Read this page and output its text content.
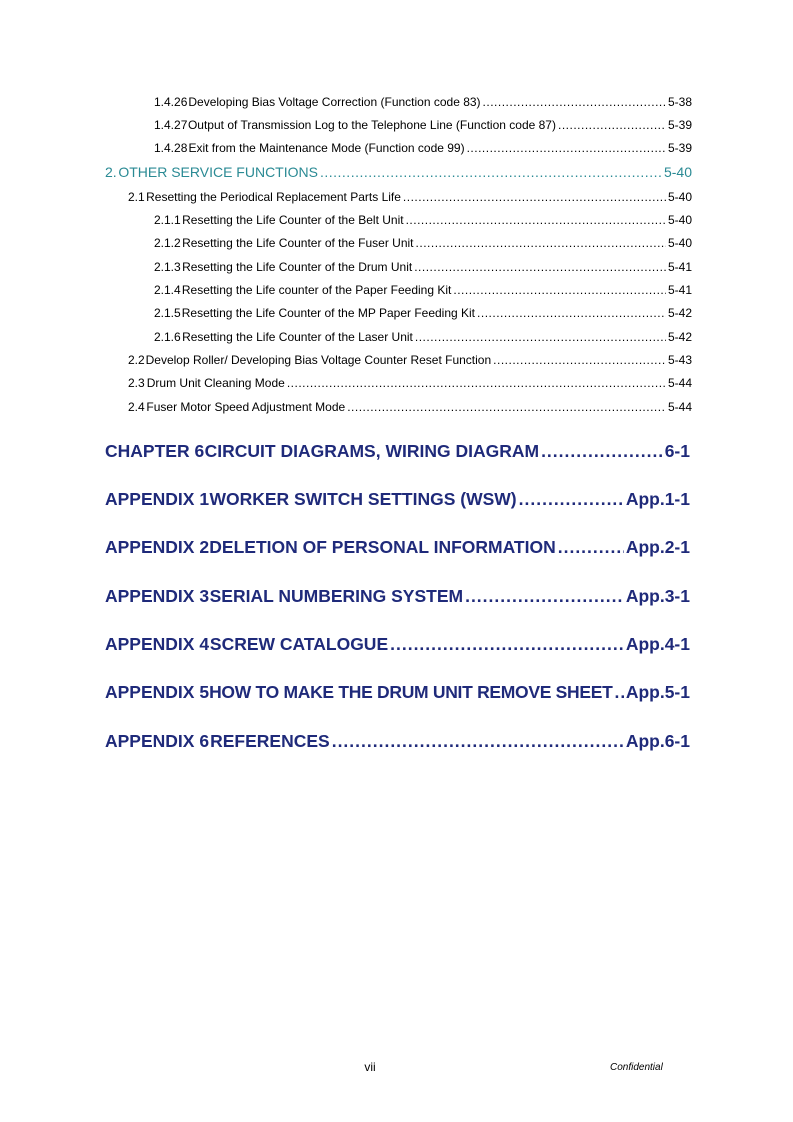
1.4.26 Developing Bias Voltage Correction (Function code 83) .....	5-38
1.4.27 Output of Transmission Log to the Telephone Line (Function code 87) .....	5-39
1.4.28 Exit from the Maintenance Mode (Function code 99) .....	5-39
2. OTHER SERVICE FUNCTIONS .....	5-40
2.1 Resetting the Periodical Replacement Parts Life .....	5-40
2.1.1 Resetting the Life Counter of the Belt Unit .....	5-40
2.1.2 Resetting the Life Counter of the Fuser Unit .....	5-40
2.1.3 Resetting the Life Counter of the Drum Unit .....	5-41
2.1.4 Resetting the Life counter of the Paper Feeding Kit .....	5-41
2.1.5 Resetting the Life Counter of the MP Paper Feeding Kit .....	5-42
2.1.6 Resetting the Life Counter of the Laser Unit .....	5-42
2.2 Develop Roller/ Developing Bias Voltage Counter Reset Function .....	5-43
2.3 Drum Unit Cleaning Mode .....	5-44
2.4 Fuser Motor Speed Adjustment Mode .....	5-44
CHAPTER 6 CIRCUIT DIAGRAMS, WIRING DIAGRAM .....	6-1
APPENDIX 1 WORKER SWITCH SETTINGS (WSW) .....	App.1-1
APPENDIX 2 DELETION OF PERSONAL INFORMATION .....	App.2-1
APPENDIX 3 SERIAL NUMBERING SYSTEM .....	App.3-1
APPENDIX 4 SCREW CATALOGUE .....	App.4-1
APPENDIX 5 HOW TO MAKE THE DRUM UNIT REMOVE SHEET ..... App.5-1
APPENDIX 6 REFERENCES .....	App.6-1
vii	Confidential
